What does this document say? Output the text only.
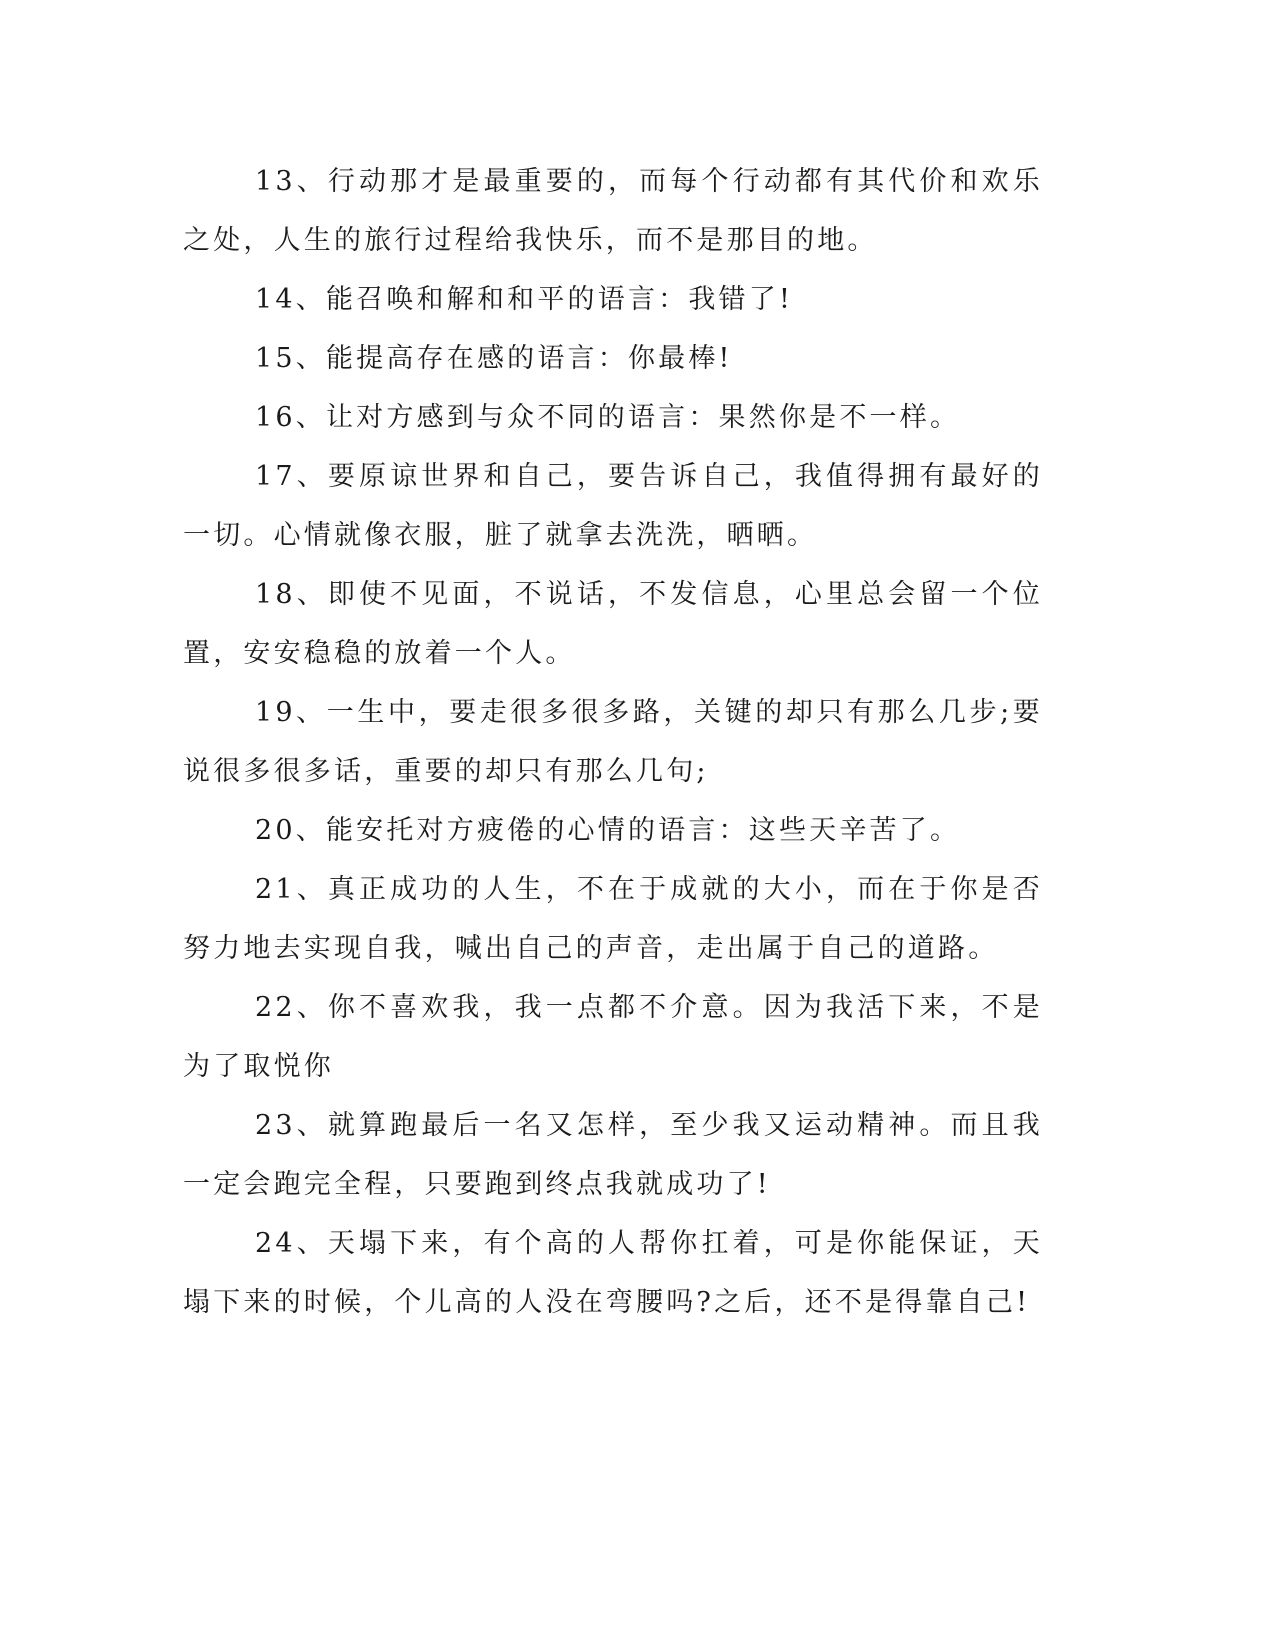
13、行动那才是最重要的，而每个行动都有其代价和欢乐之处，人生的旅行过程给我快乐，而不是那目的地。

14、能召唤和解和和平的语言：我错了!

15、能提高存在感的语言：你最棒!

16、让对方感到与众不同的语言：果然你是不一样。

17、要原谅世界和自己，要告诉自己，我值得拥有最好的一切。心情就像衣服，脏了就拿去洗洗，晒晒。

18、即使不见面，不说话，不发信息，心里总会留一个位置，安安稳稳的放着一个人。

19、一生中，要走很多很多路，关键的却只有那么几步;要说很多很多话，重要的却只有那么几句;

20、能安托对方疲倦的心情的语言：这些天辛苦了。

21、真正成功的人生，不在于成就的大小，而在于你是否努力地去实现自我，喊出自己的声音，走出属于自己的道路。

22、你不喜欢我，我一点都不介意。因为我活下来，不是为了取悦你

23、就算跑最后一名又怎样，至少我又运动精神。而且我一定会跑完全程，只要跑到终点我就成功了!

24、天塌下来，有个高的人帮你扛着，可是你能保证，天塌下来的时候，个儿高的人没在弯腰吗?之后，还不是得靠自己!
